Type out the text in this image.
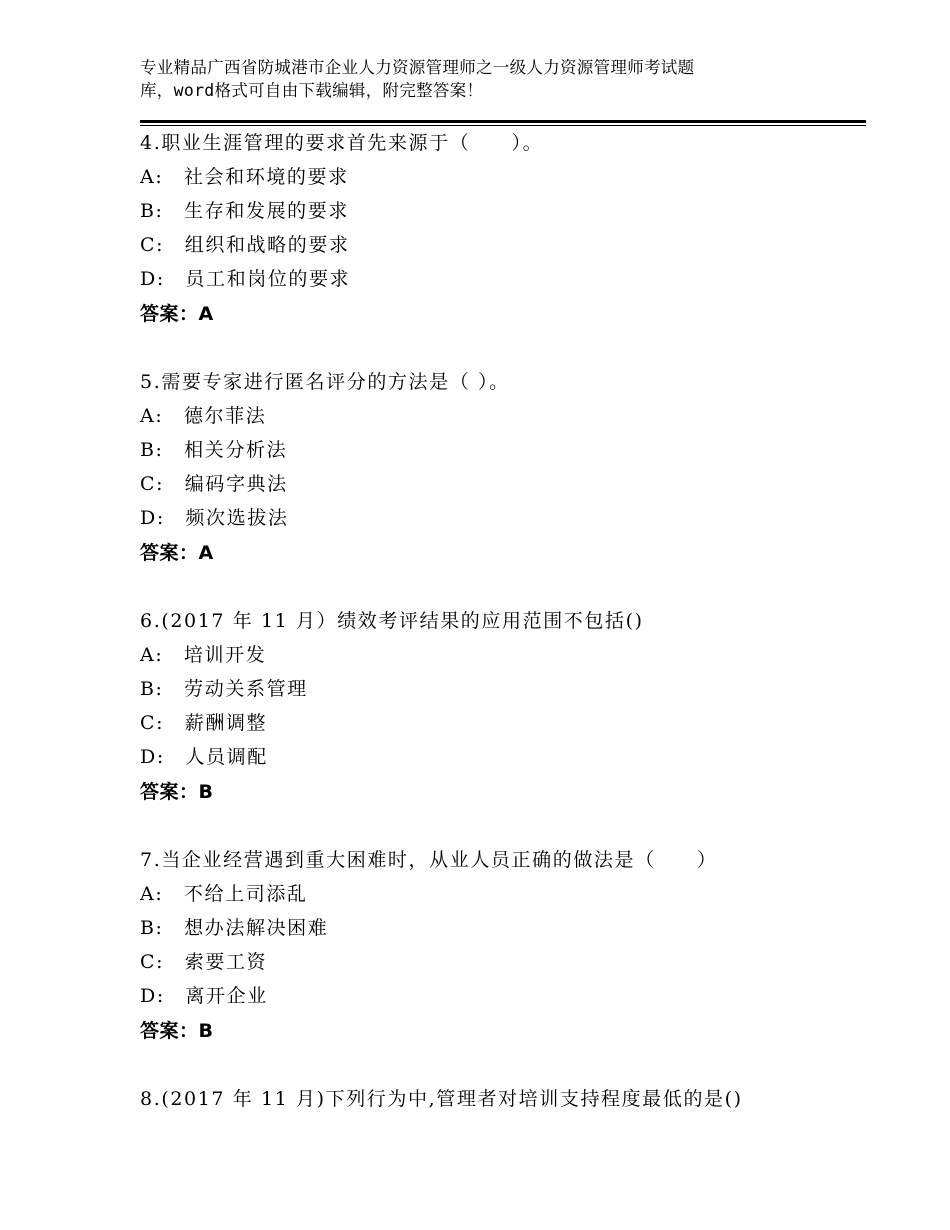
专业精品广西省防城港市企业人力资源管理师之一级人力资源管理师考试题
库，word格式可自由下载编辑，附完整答案！
4.职业生涯管理的要求首先来源于（　　）。
A:　社会和环境的要求
B:　生存和发展的要求
C:　组织和战略的要求
D:　员工和岗位的要求
答案：A
5.需要专家进行匿名评分的方法是（ ）。
A:　德尔菲法
B:　相关分析法
C:　编码字典法
D:　频次选拔法
答案：A
6.(2017 年 11 月）绩效考评结果的应用范围不包括()
A:　培训开发
B:　劳动关系管理
C:　薪酬调整
D:　人员调配
答案：B
7.当企业经营遇到重大困难时，从业人员正确的做法是（　　）
A:　不给上司添乱
B:　想办法解决困难
C:　索要工资
D:　离开企业
答案：B
8.(2017 年 11 月)下列行为中,管理者对培训支持程度最低的是()
